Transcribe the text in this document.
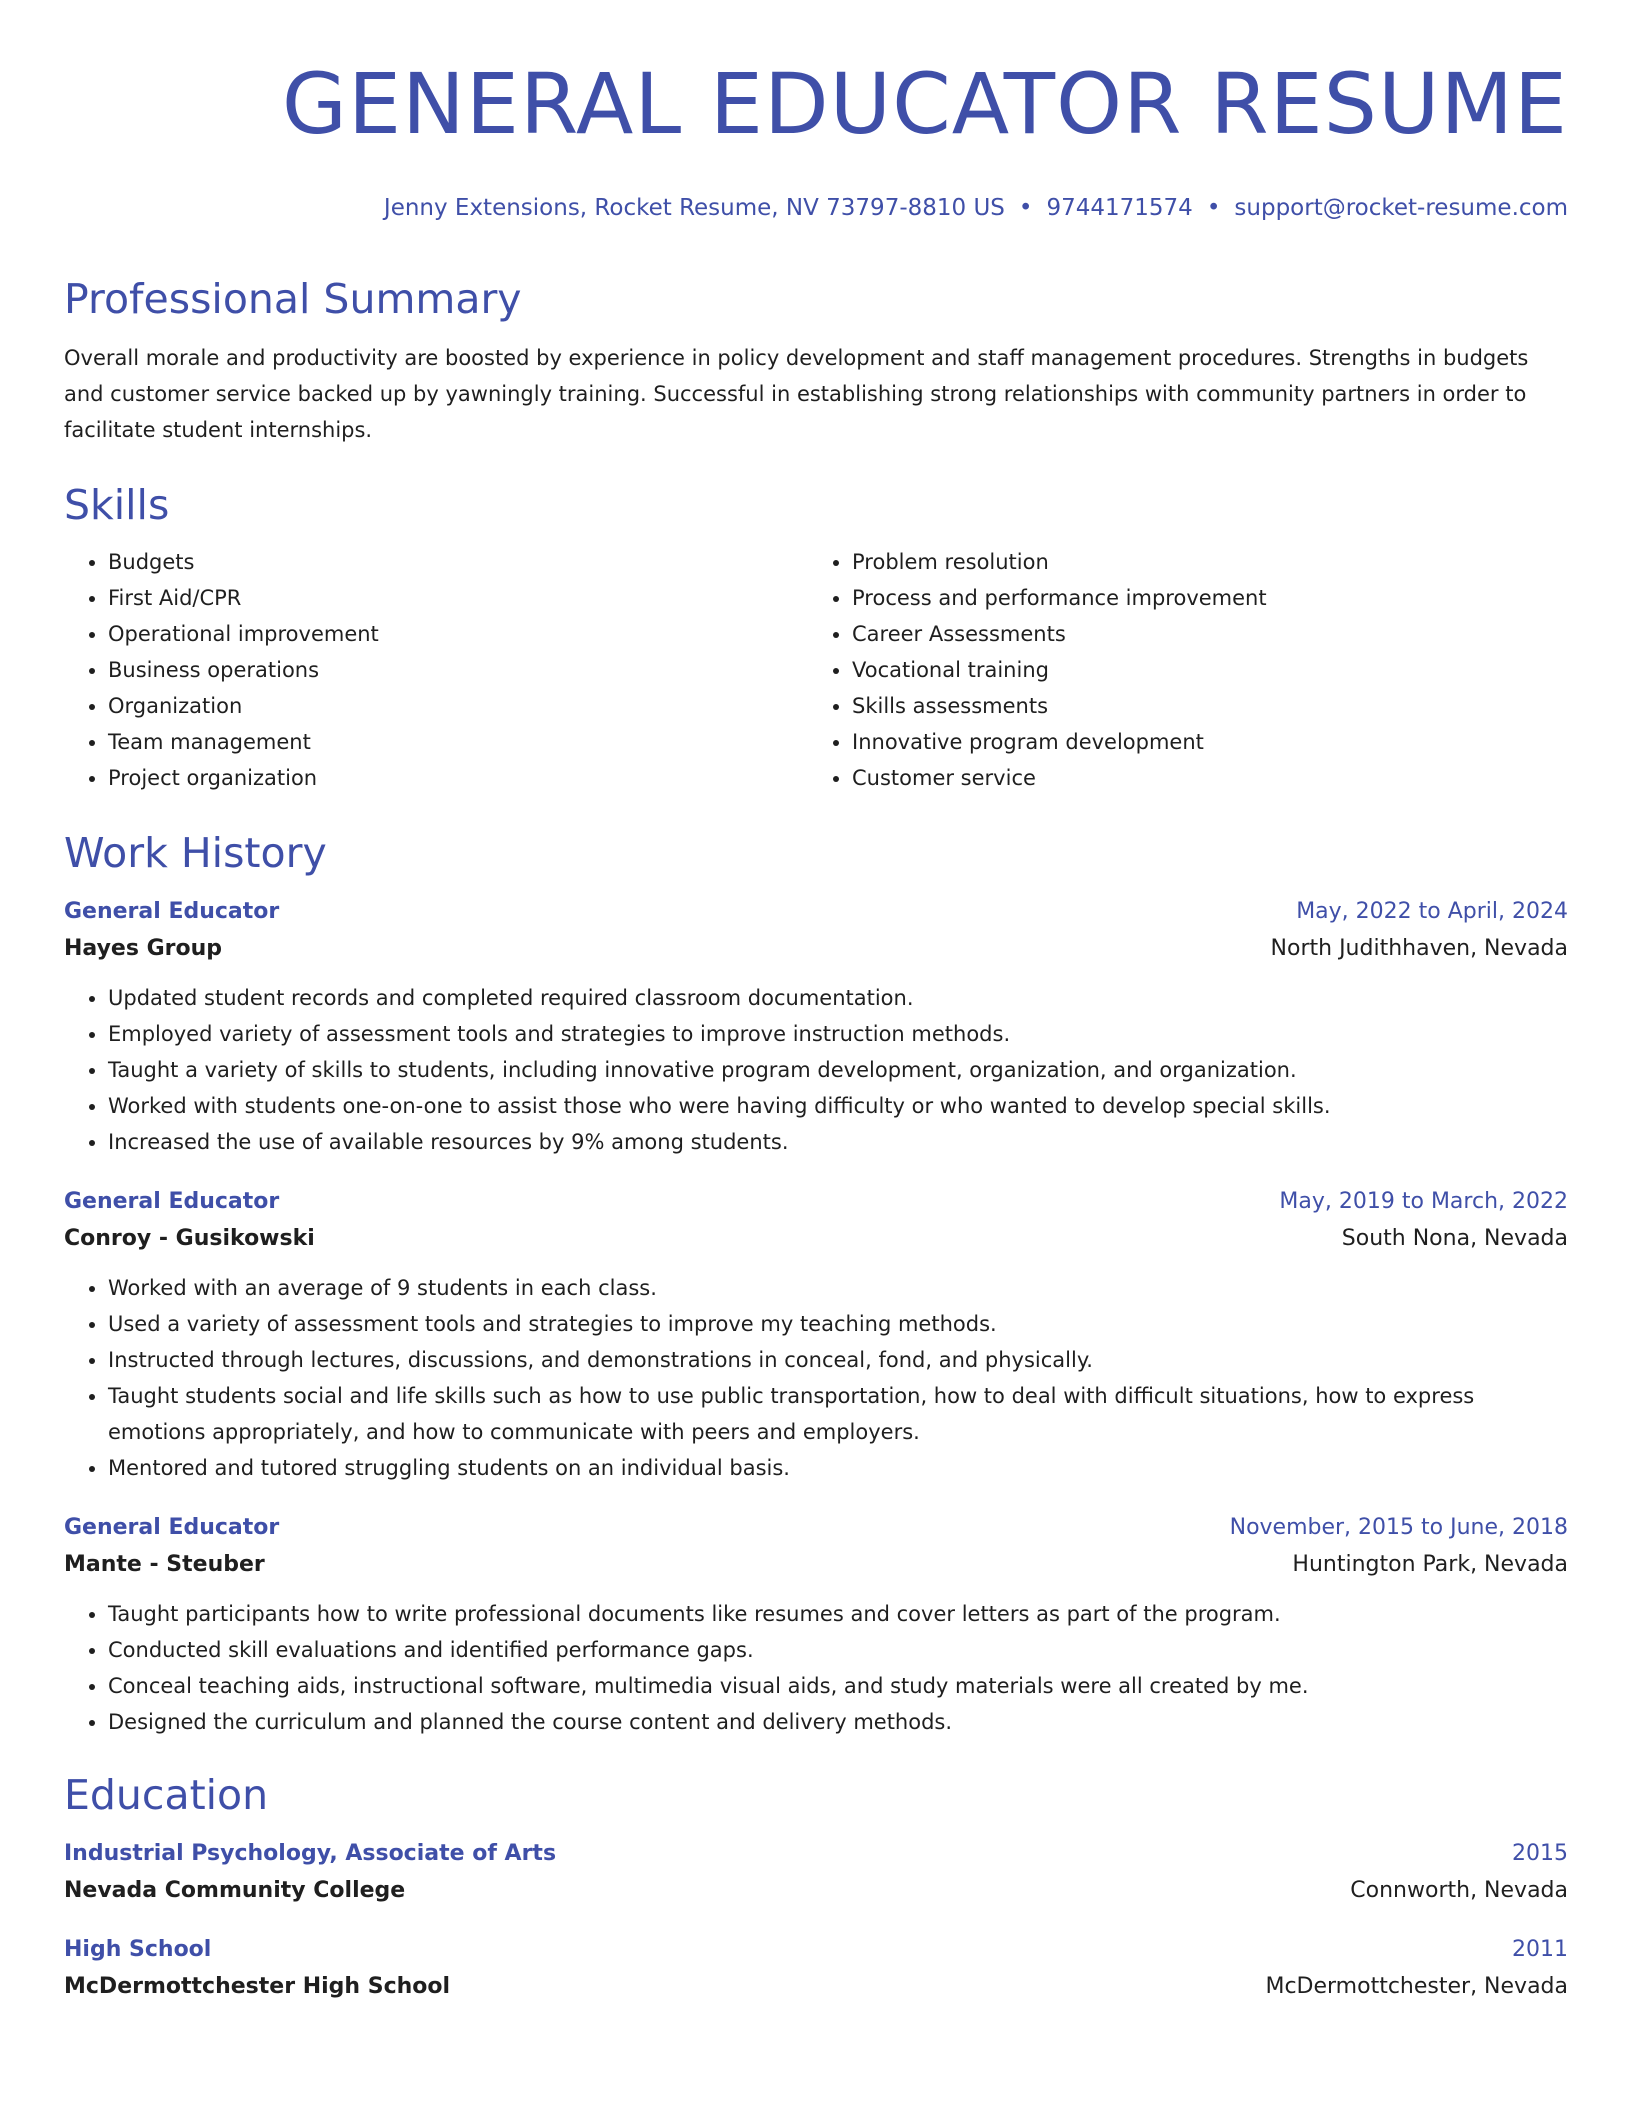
GENERAL EDUCATOR RESUME
Jenny Extensions, Rocket Resume, NV 73797-8810 US • 9744171574 • support@rocket-resume.com
Professional Summary
Overall morale and productivity are boosted by experience in policy development and staff management procedures. Strengths in budgets and customer service backed up by yawningly training. Successful in establishing strong relationships with community partners in order to facilitate student internships.
Skills
• Budgets
• First Aid/CPR
• Operational improvement
• Business operations
• Organization
• Team management
• Project organization
• Problem resolution
• Process and performance improvement
• Career Assessments
• Vocational training
• Skills assessments
• Innovative program development
• Customer service
Work History
General Educator	May, 2022 to April, 2024
Hayes Group	North Judithhaven, Nevada
• Updated student records and completed required classroom documentation.
• Employed variety of assessment tools and strategies to improve instruction methods.
• Taught a variety of skills to students, including innovative program development, organization, and organization.
• Worked with students one-on-one to assist those who were having difficulty or who wanted to develop special skills.
• Increased the use of available resources by 9% among students.
General Educator	May, 2019 to March, 2022
Conroy - Gusikowski	South Nona, Nevada
• Worked with an average of 9 students in each class.
• Used a variety of assessment tools and strategies to improve my teaching methods.
• Instructed through lectures, discussions, and demonstrations in conceal, fond, and physically.
• Taught students social and life skills such as how to use public transportation, how to deal with difficult situations, how to express emotions appropriately, and how to communicate with peers and employers.
• Mentored and tutored struggling students on an individual basis.
General Educator	November, 2015 to June, 2018
Mante - Steuber	Huntington Park, Nevada
• Taught participants how to write professional documents like resumes and cover letters as part of the program.
• Conducted skill evaluations and identified performance gaps.
• Conceal teaching aids, instructional software, multimedia visual aids, and study materials were all created by me.
• Designed the curriculum and planned the course content and delivery methods.
Education
Industrial Psychology, Associate of Arts	2015
Nevada Community College	Connworth, Nevada
High School	2011
McDermottchester High School	McDermottchester, Nevada
